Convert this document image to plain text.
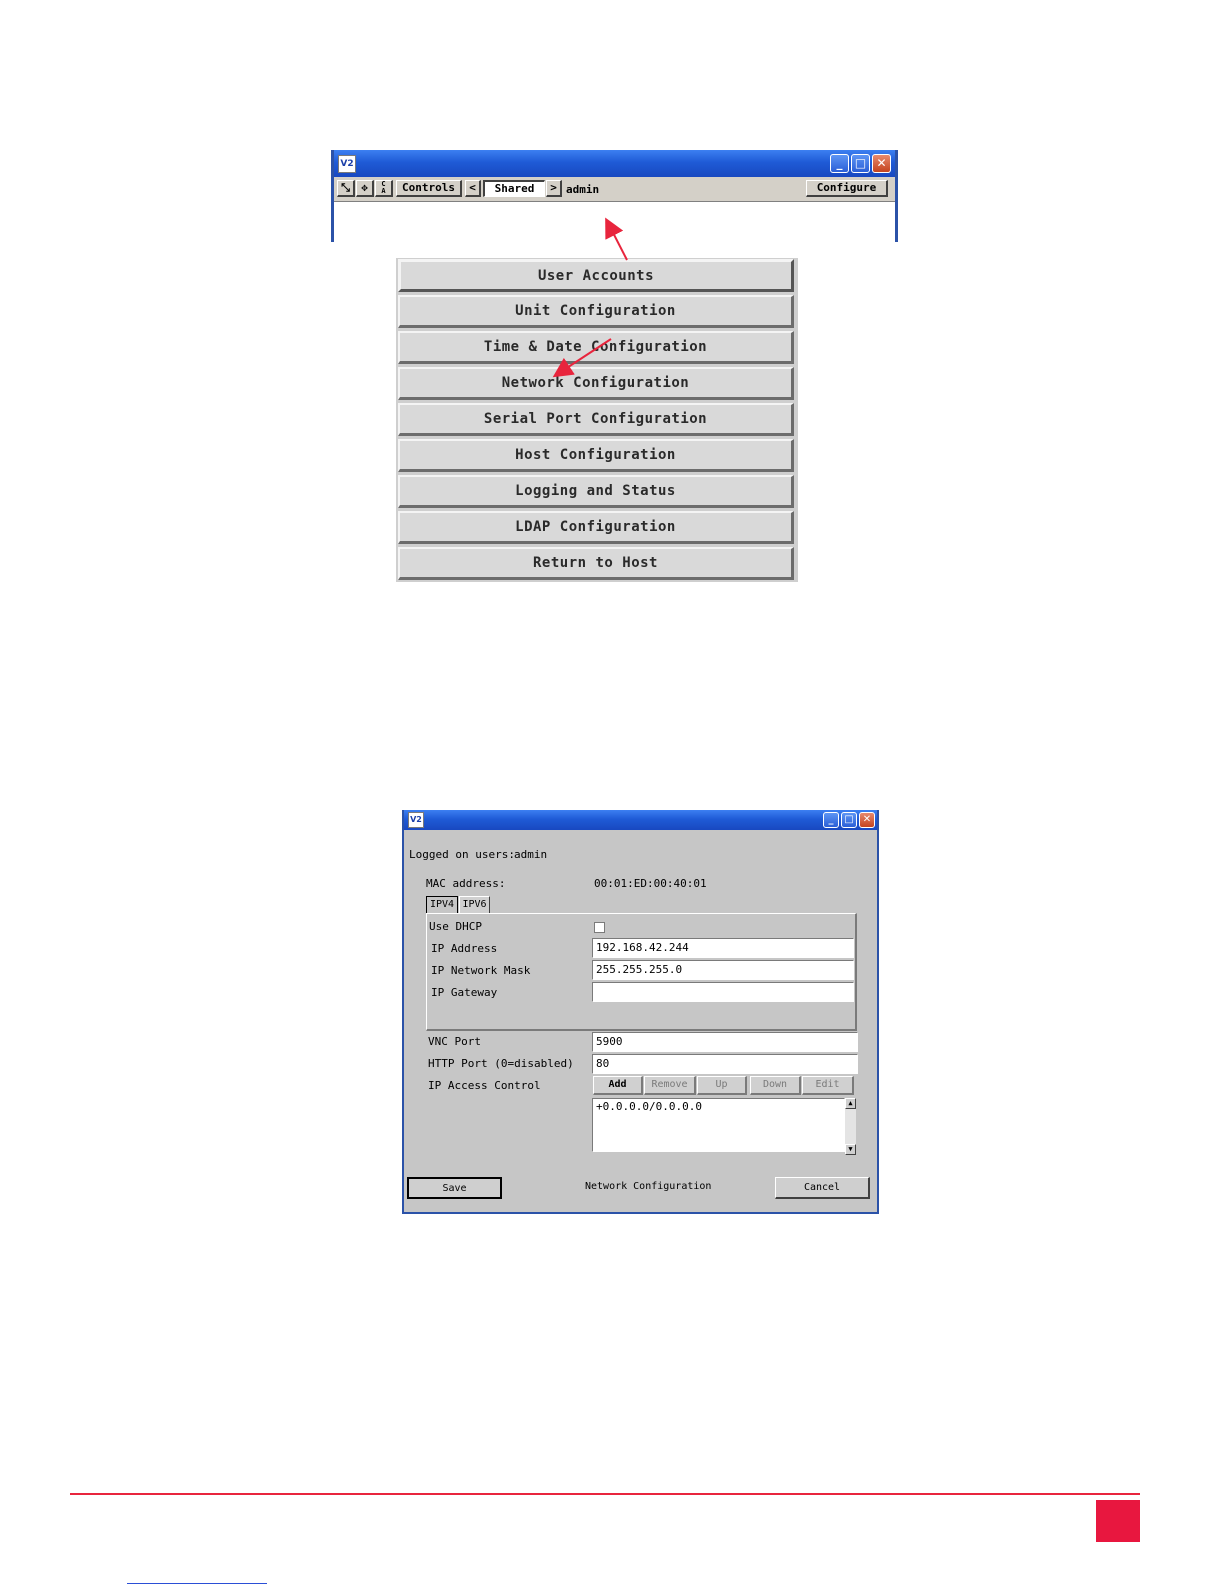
V2	_	□ ✕
⤡	✥	C
A	Controls	<	Shared	> admin	Configure
User Accounts
Unit Configuration
Time & Date Configuration
Network Configuration
Serial Port Configuration
Host Configuration
Logging and Status
LDAP Configuration
Return to Host
V2	_	□ ✕
Logged on users: admin
MAC address:	00:01:ED:00:40:01
IPV4 IPV6
Use DHCP
IP Address	192.168.42.244
IP Network Mask	255.255.255.0
IP Gateway
VNC Port	5900
HTTP Port (0=disabled)	80
IP Access Control	Add	Remove	Up	Down	Edit
+0.0.0.0/0.0.0.0	▲
▼
Save	Network Configuration	Cancel
